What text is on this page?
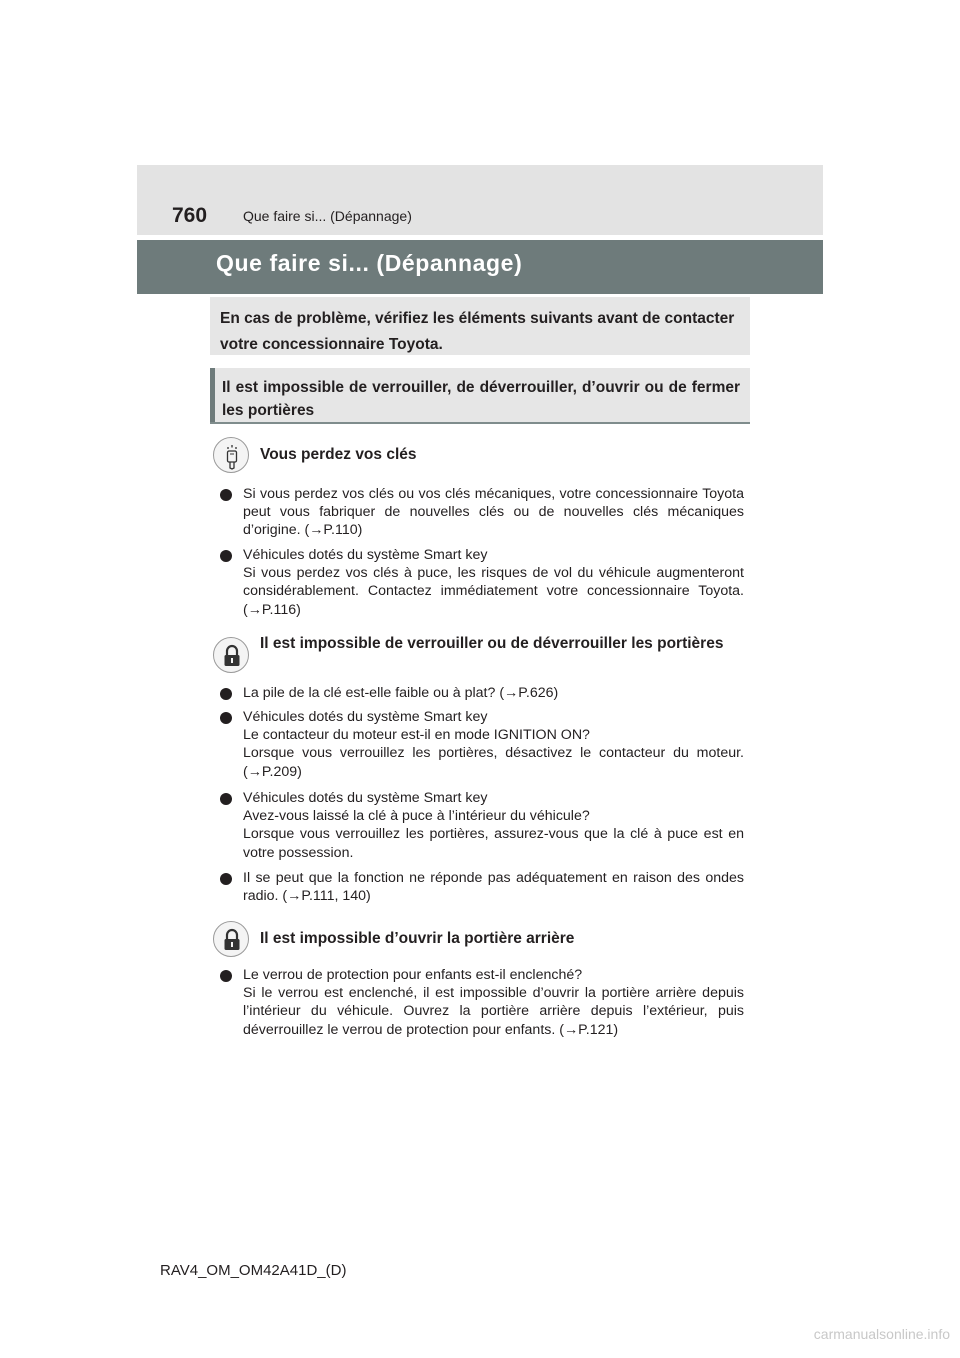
760	Que faire si... (Dépannage)
Que faire si... (Dépannage)
En cas de problème, vérifiez les éléments suivants avant de contacter votre concessionnaire Toyota.
Il est impossible de verrouiller, de déverrouiller, d’ouvrir ou de fermer les portières
Vous perdez vos clés
Si vous perdez vos clés ou vos clés mécaniques, votre concessionnaire Toyota peut vous fabriquer de nouvelles clés ou de nouvelles clés mécaniques d’origine. (→P.110)
Véhicules dotés du système Smart key
Si vous perdez vos clés à puce, les risques de vol du véhicule augmenteront considérablement. Contactez immédiatement votre concessionnaire Toyota. (→P.116)
Il est impossible de verrouiller ou de déverrouiller les portières
La pile de la clé est-elle faible ou à plat? (→P.626)
Véhicules dotés du système Smart key
Le contacteur du moteur est-il en mode IGNITION ON?
Lorsque vous verrouillez les portières, désactivez le contacteur du moteur. (→P.209)
Véhicules dotés du système Smart key
Avez-vous laissé la clé à puce à l’intérieur du véhicule?
Lorsque vous verrouillez les portières, assurez-vous que la clé à puce est en votre possession.
Il se peut que la fonction ne réponde pas adéquatement en raison des ondes radio. (→P.111, 140)
Il est impossible d’ouvrir la portière arrière
Le verrou de protection pour enfants est-il enclenché?
Si le verrou est enclenché, il est impossible d’ouvrir la portière arrière depuis l’intérieur du véhicule. Ouvrez la portière arrière depuis l’extérieur, puis déverrouillez le verrou de protection pour enfants. (→P.121)
RAV4_OM_OM42A41D_(D)
carmanualsonline.info
